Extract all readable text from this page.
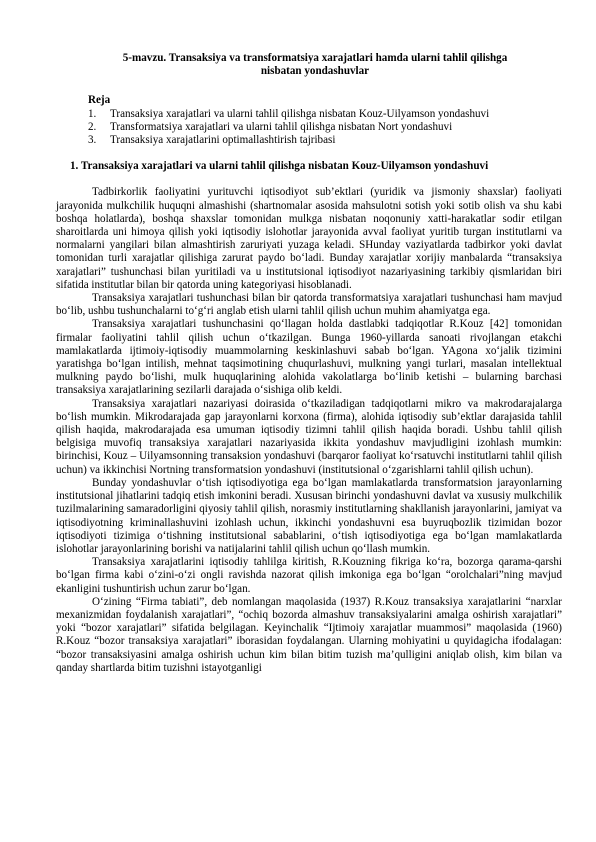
5-mavzu. Transaksiya va transformatsiya xarajatlari hamda ularni tahlil qilishga
nisbatan yondashuvlar
Reja
1. Transaksiya xarajatlari va ularni tahlil qilishga nisbatan Kouz-Uilyamson yondashuvi
2. Transformatsiya xarajatlari va ularni tahlil qilishga nisbatan Nort yondashuvi
3. Transaksiya xarajatlarini optimallashtirish tajribasi
1. Transaksiya xarajatlari va ularni tahlil qilishga nisbatan Kouz-Uilyamson yondashuvi

Tadbirkorlik faoliyatini yurituvchi iqtisodiyot sub’ektlari (yuridik va jismoniy shaxslar) faoliyati jarayonida mulkchilik huquqni almashishi (shartnomalar asosida mahsulotni sotish yoki sotib olish va shu kabi boshqa holatlarda), boshqa shaxslar tomonidan mulkga nisbatan noqonuniy xatti-harakatlar sodir etilgan sharoitlarda uni himoya qilish yoki iqtisodiy islohotlar jarayonida avval faoliyat yuritib turgan institutlarni va normalarni yangilari bilan almashtirish zaruriyati yuzaga keladi. SHunday vaziyatlarda tadbirkor yoki davlat tomonidan turli xarajatlar qilishiga zarurat paydo bo‘ladi. Bunday xarajatlar xorijiy manbalarda “transaksiya xarajatlari” tushunchasi bilan yuritiladi va u institutsional iqtisodiyot nazariyasining tarkibiy qismlaridan biri sifatida institutlar bilan bir qatorda uning kategoriyasi hisoblanadi.

Transaksiya xarajatlari tushunchasi bilan bir qatorda transformatsiya xarajatlari tushunchasi ham mavjud bo‘lib, ushbu tushunchalarni to‘g‘ri anglab etish ularni tahlil qilish uchun muhim ahamiyatga ega.

Transaksiya xarajatlari tushunchasini qo‘llagan holda dastlabki tadqiqotlar R.Kouz [42] tomonidan firmalar faoliyatini tahlil qilish uchun o‘tkazilgan. Bunga 1960-yillarda sanoati rivojlangan etakchi mamlakatlarda ijtimoiy-iqtisodiy muammolarning keskinlashuvi sabab bo‘lgan. YAgona xo‘jalik tizimini yaratishga bo‘lgan intilish, mehnat taqsimotining chuqurlashuvi, mulkning yangi turlari, masalan intellektual mulkning paydo bo‘lishi, mulk huquqlarining alohida vakolatlarga bo‘linib ketishi – bularning barchasi transaksiya xarajatlarining sezilarli darajada o‘sishiga olib keldi.

Transaksiya xarajatlari nazariyasi doirasida o‘tkaziladigan tadqiqotlarni mikro va makrodarajalarga bo‘lish mumkin. Mikrodarajada gap jarayonlarni korxona (firma), alohida iqtisodiy sub’ektlar darajasida tahlil qilish haqida, makrodarajada esa umuman iqtisodiy tizimni tahlil qilish haqida boradi. Ushbu tahlil qilish belgisiga muvofiq transaksiya xarajatlari nazariyasida ikkita yondashuv mavjudligini izohlash mumkin: birinchisi, Kouz – Uilyamsonning transaksion yondashuvi (barqaror faoliyat ko‘rsatuvchi institutlarni tahlil qilish uchun) va ikkinchisi Nortning transformatsion yondashuvi (institutsional o‘zgarishlarni tahlil qilish uchun).

Bunday yondashuvlar o‘tish iqtisodiyotiga ega bo‘lgan mamlakatlarda transformatsion jarayonlarning institutsional jihatlarini tadqiq etish imkonini beradi. Xususan birinchi yondashuvni davlat va xususiy mulkchilik tuzilmalarining samaradorligini qiyosiy tahlil qilish, norasmiy institutlarning shakllanish jarayonlarini, jamiyat va iqtisodiyotning kriminallashuvini izohlash uchun, ikkinchi yondashuvni esa buyruqbozlik tizimidan bozor iqtisodiyoti tizimiga o‘tishning institutsional sabablarini, o‘tish iqtisodiyotiga ega bo‘lgan mamlakatlarda islohotlar jarayonlarining borishi va natijalarini tahlil qilish uchun qo‘llash mumkin.

Transaksiya xarajatlarini iqtisodiy tahlilga kiritish, R.Kouzning fikriga ko‘ra, bozorga qarama-qarshi bo‘lgan firma kabi o‘zini-o‘zi ongli ravishda nazorat qilish imkoniga ega bo‘lgan “orolchalari”ning mavjud ekanligini tushuntirish uchun zarur bo‘lgan.

O‘zining “Firma tabiati”, deb nomlangan maqolasida (1937) R.Kouz transaksiya xarajatlarini “narxlar mexanizmidan foydalanish xarajatlari”, “ochiq bozorda almashuv transaksiyalarini amalga oshirish xarajatlari” yoki “bozor xarajatlari” sifatida belgilagan. Keyinchalik “Ijtimoiy xarajatlar muammosi” maqolasida (1960) R.Kouz “bozor transaksiya xarajatlari” iborasidan foydalangan. Ularning mohiyatini u quyidagicha ifodalagan: “bozor transaksiyasini amalga oshirish uchun kim bilan bitim tuzish ma’qulligini aniqlab olish, kim bilan va qanday shartlarda bitim tuzishni istayotganligi
